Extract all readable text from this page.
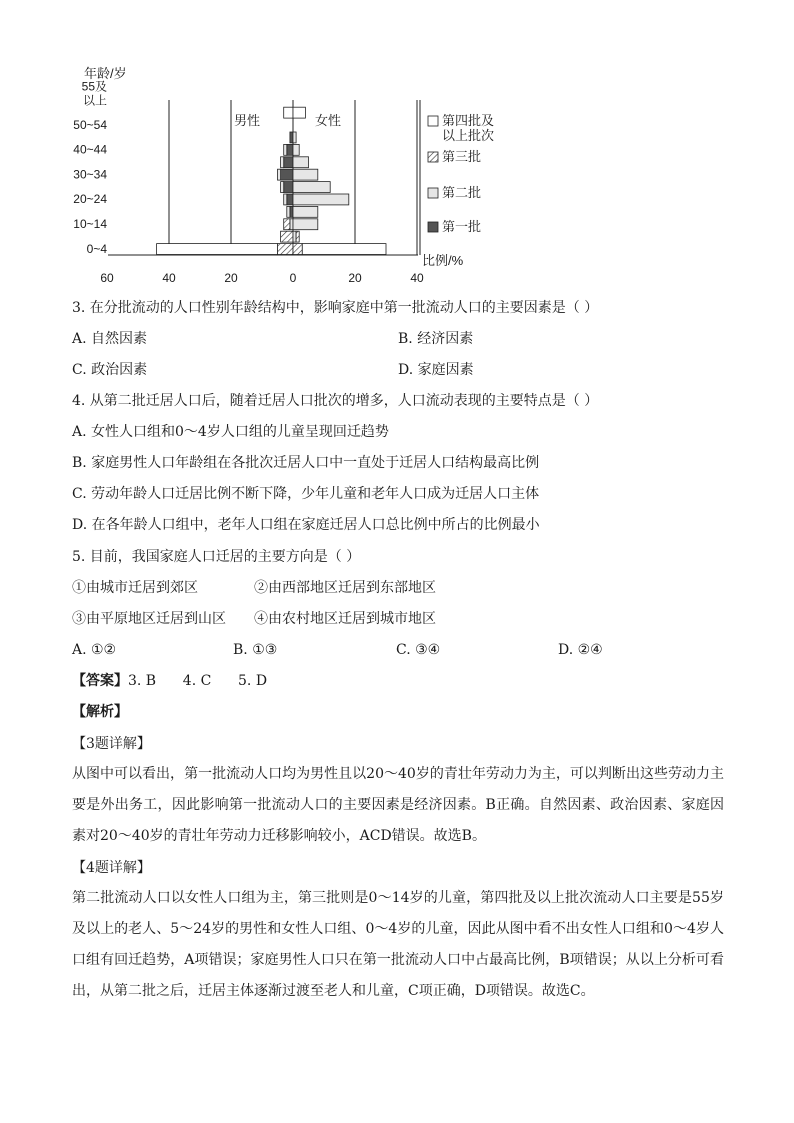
年龄/岁
55及
以上
50~54
40~44
30~34
20~24
10~14
0~4
60	40	20	0	20	40
男性	女性
比例/%
第四批及
以上批次
第三批
第二批
第一批
3. 在分批流动的人口性别年龄结构中，影响家庭中第一批流动人口的主要因素是（ ）
A. 自然因素	B. 经济因素
C. 政治因素	D. 家庭因素
4. 从第二批迁居人口后，随着迁居人口批次的增多，人口流动表现的主要特点是（ ）
A. 女性人口组和0～4岁人口组的儿童呈现回迁趋势
B. 家庭男性人口年龄组在各批次迁居人口中一直处于迁居人口结构最高比例
C. 劳动年龄人口迁居比例不断下降，少年儿童和老年人口成为迁居人口主体
D. 在各年龄人口组中，老年人口组在家庭迁居人口总比例中所占的比例最小
5. 目前，我国家庭人口迁居的主要方向是（ ）
①由城市迁居到郊区	②由西部地区迁居到东部地区
③由平原地区迁居到山区 ④由农村地区迁居到城市地区
A. ①②	B. ①③	C. ③④	D. ②④
【答案】3. B      4. C      5. D
【解析】
【3题详解】
从图中可以看出，第一批流动人口均为男性且以20～40岁的青壮年劳动力为主，可以判断出这些劳动力主要是外出务工，因此影响第一批流动人口的主要因素是经济因素。B正确。自然因素、政治因素、家庭因素对20～40岁的青壮年劳动力迁移影响较小，ACD错误。故选B。
【4题详解】
第二批流动人口以女性人口组为主，第三批则是0～14岁的儿童，第四批及以上批次流动人口主要是55岁及以上的老人、5～24岁的男性和女性人口组、0～4岁的儿童，因此从图中看不出女性人口组和0～4岁人口组有回迁趋势，A项错误；家庭男性人口只在第一批流动人口中占最高比例，B项错误；从以上分析可看出，从第二批之后，迁居主体逐渐过渡至老人和儿童，C项正确，D项错误。故选C。
